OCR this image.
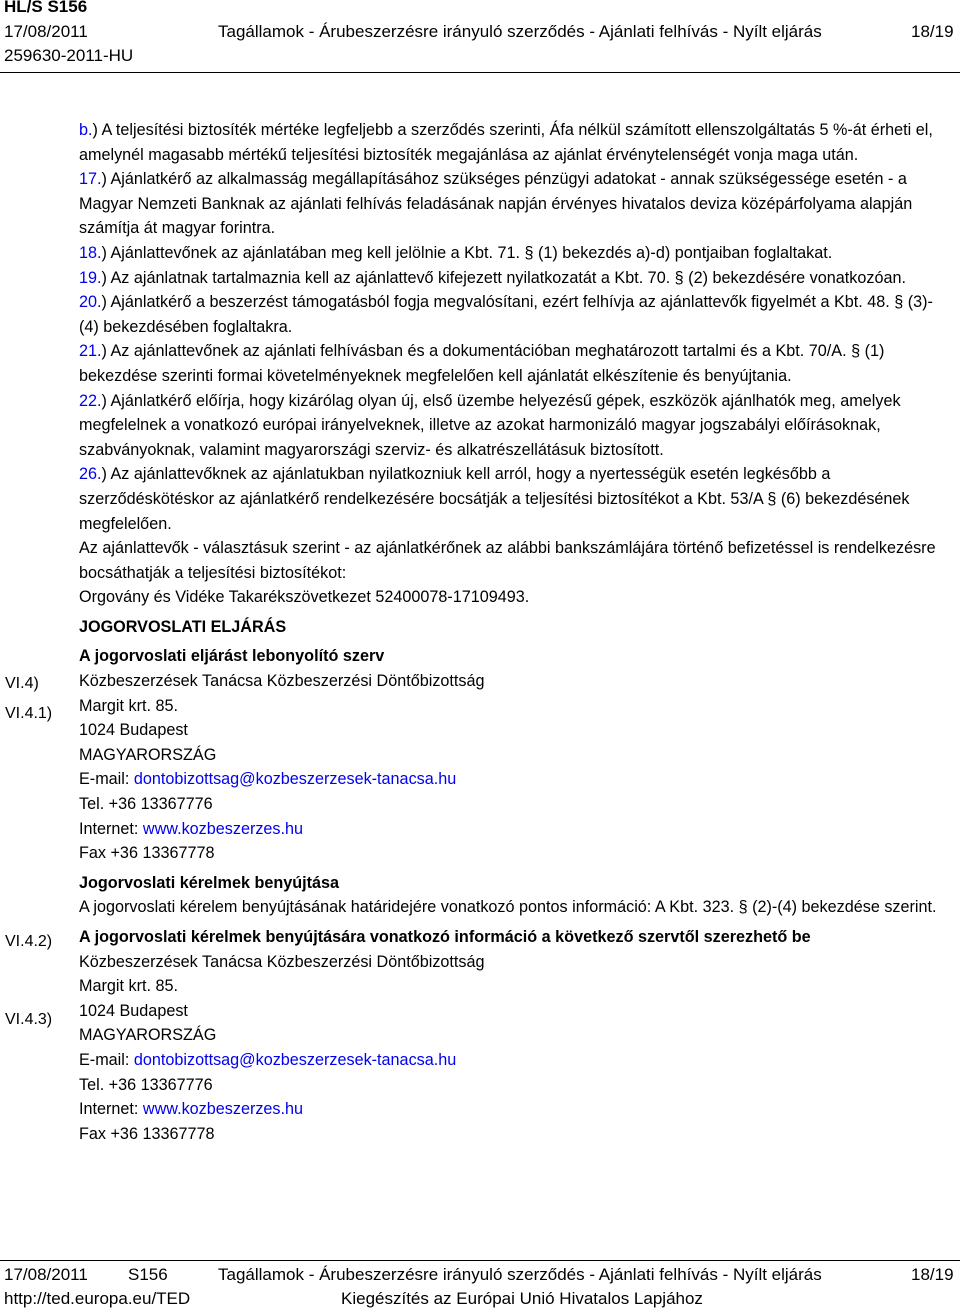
HL/S S156
17/08/2011	Tagállamok - Árubeszerzésre irányuló szerződés - Ajánlati felhívás - Nyílt eljárás	18/19
259630-2011-HU
VI.4)
VI.4.1)
VI.4.2)
VI.4.3)

b.) A teljesítési biztosíték mértéke legfeljebb a szerződés szerinti, Áfa nélkül számított ellenszolgáltatás 5 %-át érheti el, amelynél magasabb mértékű teljesítési biztosíték megajánlása az ajánlat érvénytelenségét vonja maga után.

17.) Ajánlatkérő az alkalmasság megállapításához szükséges pénzügyi adatokat - annak szükségessége esetén - a Magyar Nemzeti Banknak az ajánlati felhívás feladásának napján érvényes hivatalos deviza középárfolyama alapján számítja át magyar forintra.

18.) Ajánlattevőnek az ajánlatában meg kell jelölnie a Kbt. 71. § (1) bekezdés a)-d) pontjaiban foglaltakat.

19.) Az ajánlatnak tartalmaznia kell az ajánlattevő kifejezett nyilatkozatát a Kbt. 70. § (2) bekezdésére vonatkozóan.

20.) Ajánlatkérő a beszerzést támogatásból fogja megvalósítani, ezért felhívja az ajánlattevők figyelmét a Kbt. 48. § (3)-(4) bekezdésében foglaltakra.

21.) Az ajánlattevőnek az ajánlati felhívásban és a dokumentációban meghatározott tartalmi és a Kbt. 70/A. § (1) bekezdése szerinti formai követelményeknek megfelelően kell ajánlatát elkészítenie és benyújtania.

22.) Ajánlatkérő előírja, hogy kizárólag olyan új, első üzembe helyezésű gépek, eszközök ajánlhatók meg, amelyek megfelelnek a vonatkozó európai irányelveknek, illetve az azokat harmonizáló magyar jogszabályi előírásoknak, szabványoknak, valamint magyarországi szerviz- és alkatrészellátásuk biztosított.

26.) Az ajánlattevőknek az ajánlatukban nyilatkozniuk kell arról, hogy a nyertességük esetén legkésőbb a szerződéskötéskor az ajánlatkérő rendelkezésére bocsátják a teljesítési biztosítékot a Kbt. 53/A § (6) bekezdésének megfelelően.

Az ajánlattevők - választásuk szerint - az ajánlatkérőnek az alábbi bankszámlájára történő befizetéssel is rendelkezésre bocsáthatják a teljesítési biztosítékot:

Orgovány és Vidéke Takarékszövetkezet 52400078-17109493.

JOGORVOSLATI ELJÁRÁS
A jogorvoslati eljárást lebonyolító szerv
Közbeszerzések Tanácsa Közbeszerzési Döntőbizottság
Margit krt. 85.
1024 Budapest
MAGYARORSZÁG
E-mail: dontobizottsag@kozbeszerzesek-tanacsa.hu
Tel. +36 13367776
Internet: www.kozbeszerzes.hu
Fax +36 13367778
Jogorvoslati kérelmek benyújtása
A jogorvoslati kérelem benyújtásának határidejére vonatkozó pontos információ: A Kbt. 323. § (2)-(4) bekezdése szerint.
A jogorvoslati kérelmek benyújtására vonatkozó információ a következő szervtől szerezhető be
Közbeszerzések Tanácsa Közbeszerzési Döntőbizottság
Margit krt. 85.
1024 Budapest
MAGYARORSZÁG
E-mail: dontobizottsag@kozbeszerzesek-tanacsa.hu
Tel. +36 13367776
Internet: www.kozbeszerzes.hu
Fax +36 13367778
17/08/2011 S156	Tagállamok - Árubeszerzésre irányuló szerződés - Ajánlati felhívás - Nyílt eljárás	18/19
http://ted.europa.eu/TED	Kiegészítés az Európai Unió Hivatalos Lapjához
